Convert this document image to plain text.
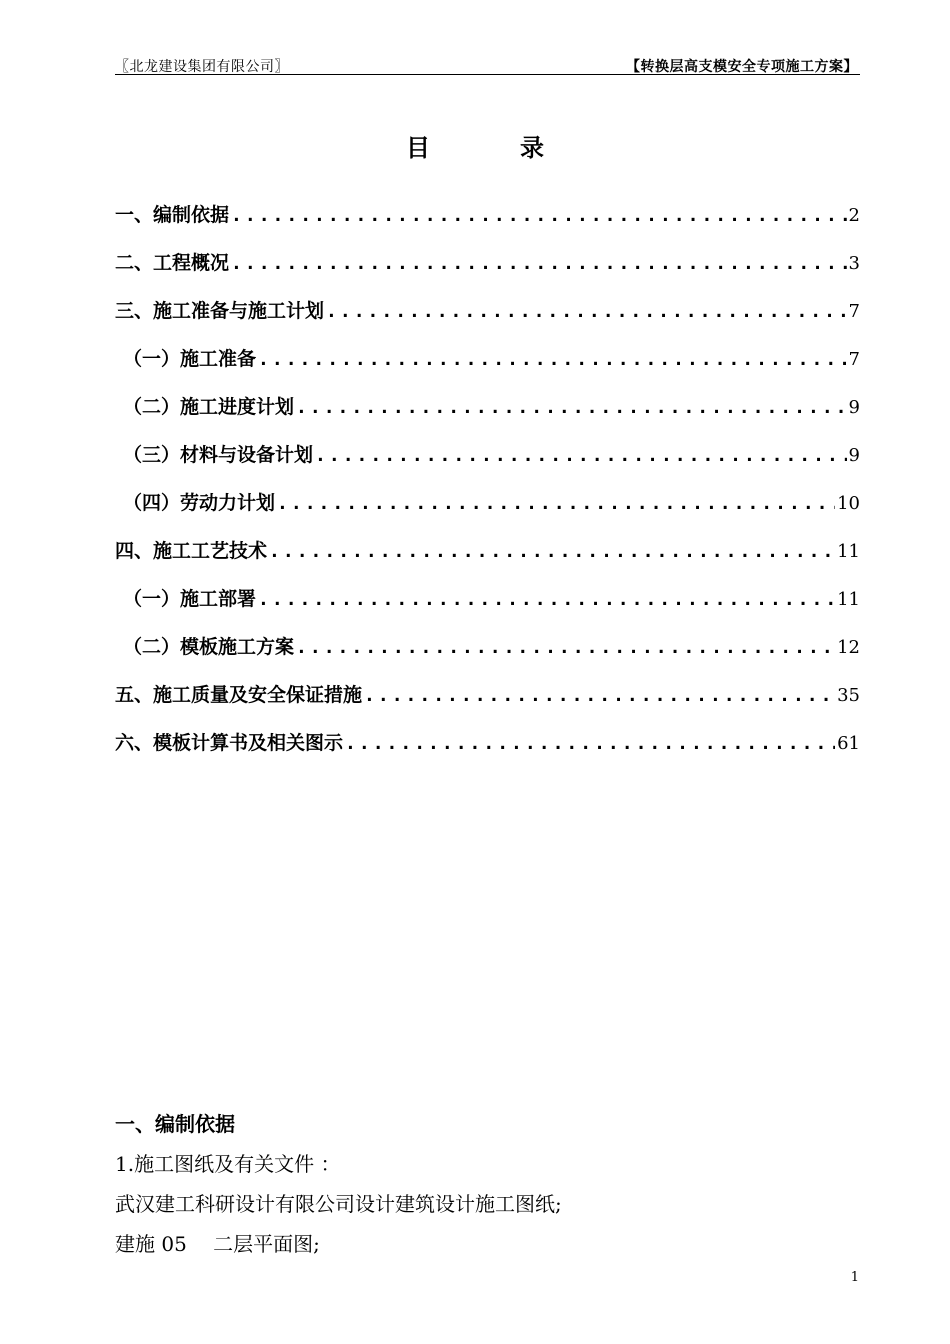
〖北龙建设集团有限公司〗	【转换层高支模安全专项施工方案】
目	录
一、编制依据 .....	2
二、工程概况 .....	3
三、施工准备与施工计划 .....	7
（一）施工准备 .....	7
（二）施工进度计划 .....	9
（三）材料与设备计划 .....	9
（四）劳动力计划 .....	10
四、施工工艺技术 .....	11
（一）施工部署 .....	11
（二）模板施工方案 .....	12
五、施工质量及安全保证措施 .....	35
六、模板计算书及相关图示 .....	61
一、编制依据
1.施工图纸及有关文件 ：
武汉建工科研设计有限公司设计建筑设计施工图纸;
建施 05　 二层平面图;
1
